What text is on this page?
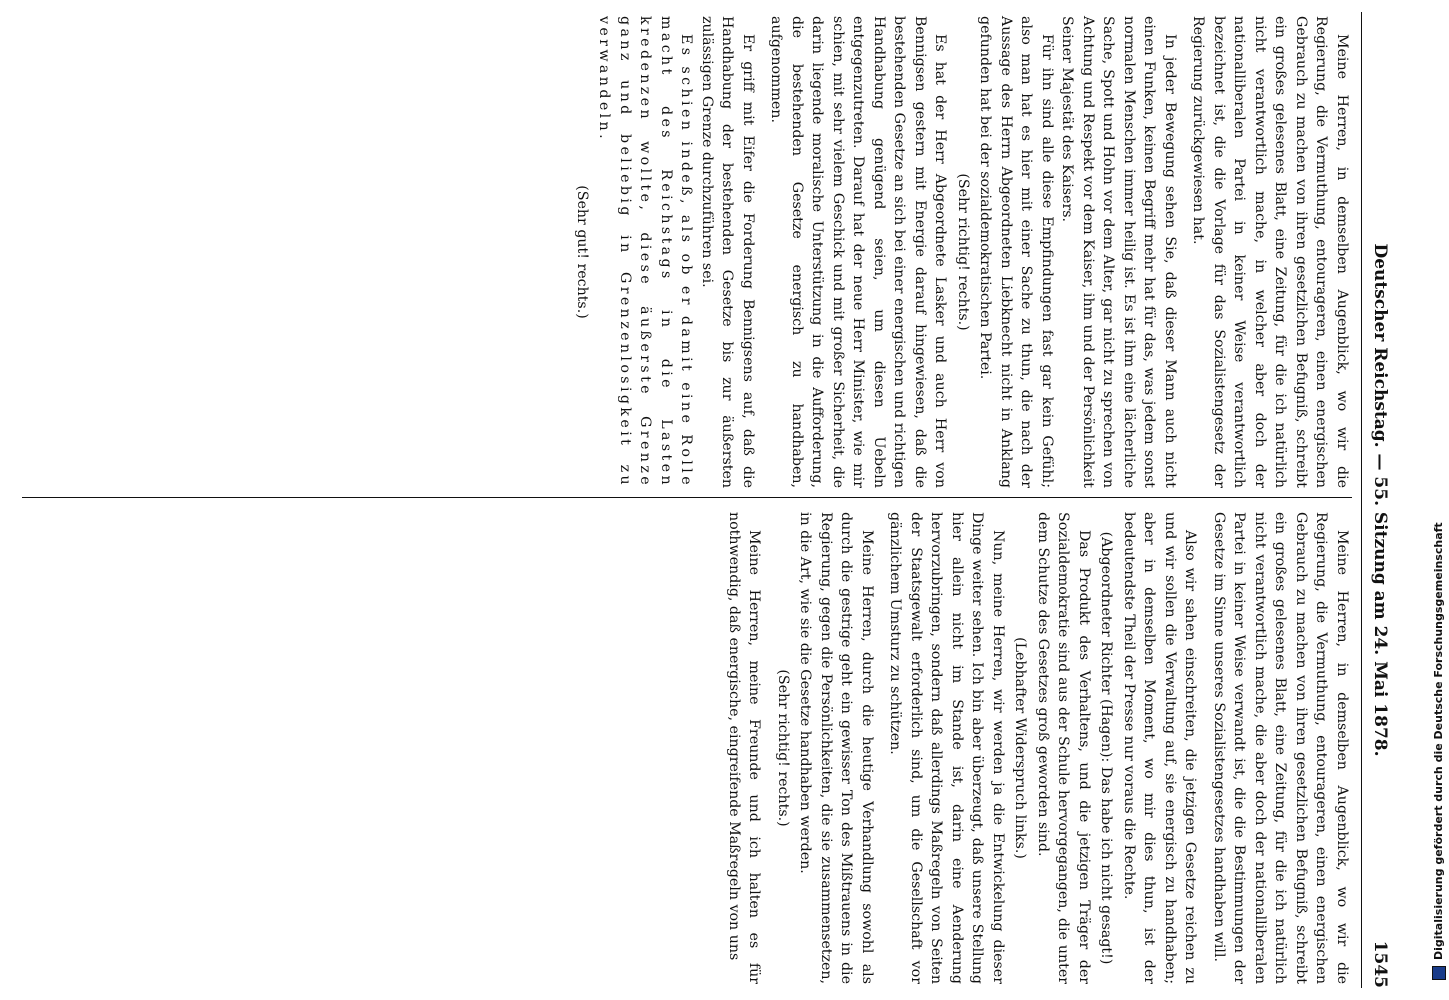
Deutscher Reichstag. — 55. Sitzung am 24. Mai 1878.
1545

Meine Herren, in demselben Augenblick, wo wir die Regierung, die Vermuthung, entourageren, einen energischen Gebrauch zu machen von ihren gesetzlichen Befugniß, schreibt ein großes gelesenes Blatt, eine Zeitung, für die ich natürlich nicht verantwortlich mache, in welcher aber doch der nationalliberalen Partei in keiner Weise verantwortlich bezeichnet ist, die die Vorlage für das Sozialistengesetz der Regierung zurückgewiesen hat.

In jeder Bewegung sehen Sie, daß dieser Mann auch nicht einen Funken, keinen Begriff mehr hat für das, was jedem sonst normalen Menschen immer heilig ist. Es ist ihm eine lächerliche Sache, Spott und Hohn vor dem Alter, gar nicht zu sprechen von Achtung und Respekt vor dem Kaiser, ihm und der Persönlichkeit Seiner Majestät des Kaisers.

Für ihn sind alle diese Empfindungen fast gar kein Gefühl; also man hat es hier mit einer Sache zu thun, die nach der Aussage des Herrn Abgeordneten Liebknecht nicht in Anklang gefunden hat bei der sozialdemokratischen Partei.

(Sehr richtig! rechts.)

Es hat der Herr Abgeordnete Lasker und auch Herr von Bennigsen gestern mit Energie darauf hingewiesen, daß die bestehenden Gesetze an sich bei einer energischen und richtigen Handhabung genügend seien, um diesen Uebeln entgegenzutreten. Darauf hat der neue Herr Minister, wie mir schien, mit sehr vielem Geschick und mit großer Sicherheit, die darin liegende moralische Unterstützung in die Aufforderung, die bestehenden Gesetze energisch zu handhaben, aufgenommen.

Er griff mit Eifer die Forderung Bennigsens auf, daß die Handhabung der bestehenden Gesetze bis zur äußersten zulässigen Grenze durchzuführen sei.

Es schien indeß, als ob er damit eine Rolle macht des Reichstags in die Lasten kredenzen wollte, diese äußerste Grenze ganz und beliebig in Grenzenlosigkeit zu verwandeln.

(Sehr gut! rechts.)

Meine Herren, in demselben Augenblick, wo wir die Regierung, die Vermuthung, entourageren, einen energischen Gebrauch zu machen von ihren gesetzlichen Befugniß, schreibt ein großes gelesenes Blatt, eine Zeitung, für die ich natürlich nicht verantwortlich mache, die aber doch der nationalliberalen Partei in keiner Weise verwandt ist, die die Bestimmungen der Gesetze im Sinne unseres Sozialistengesetzes handhaben will.

Also wir sahen einschreiten, die jetzigen Gesetze reichen zu und wir sollen die Verwaltung auf, sie energisch zu handhaben; aber in demselben Moment, wo mir dies thun, ist der bedeutendste Theil der Presse nur voraus die Rechte.

(Abgeordneter Richter (Hagen): Das habe ich nicht gesagt!)

Das Produkt des Verhaltens, und die jetzigen Träger der Sozialdemokratie sind aus der Schule hervorgegangen, die unter dem Schutze des Gesetzes groß geworden sind.

(Lebhafter Widerspruch links.)

Nun, meine Herren, wir werden ja die Entwickelung dieser Dinge weiter sehen. Ich bin aber überzeugt, daß unsere Stellung hier allein nicht im Stande ist, darin eine Aenderung hervorzubringen, sondern daß allerdings Maßregeln von Seiten der Staatsgewalt erforderlich sind, um die Gesellschaft vor gänzlichem Umsturz zu schützen.

Meine Herren, durch die heutige Verhandlung sowohl als durch die gestrige geht ein gewisser Ton des Mißtrauens in die Regierung, gegen die Persönlichkeiten, die sie zusammensetzen, in die Art, wie sie die Gesetze handhaben werden.

(Sehr richtig! rechts.)

Meine Herren, meine Freunde und ich halten es für nothwendig, daß energische, eingreifende Maßregeln von uns	Digitalisierung gefördert durch die Deutsche Forschungsgemeinschaft
